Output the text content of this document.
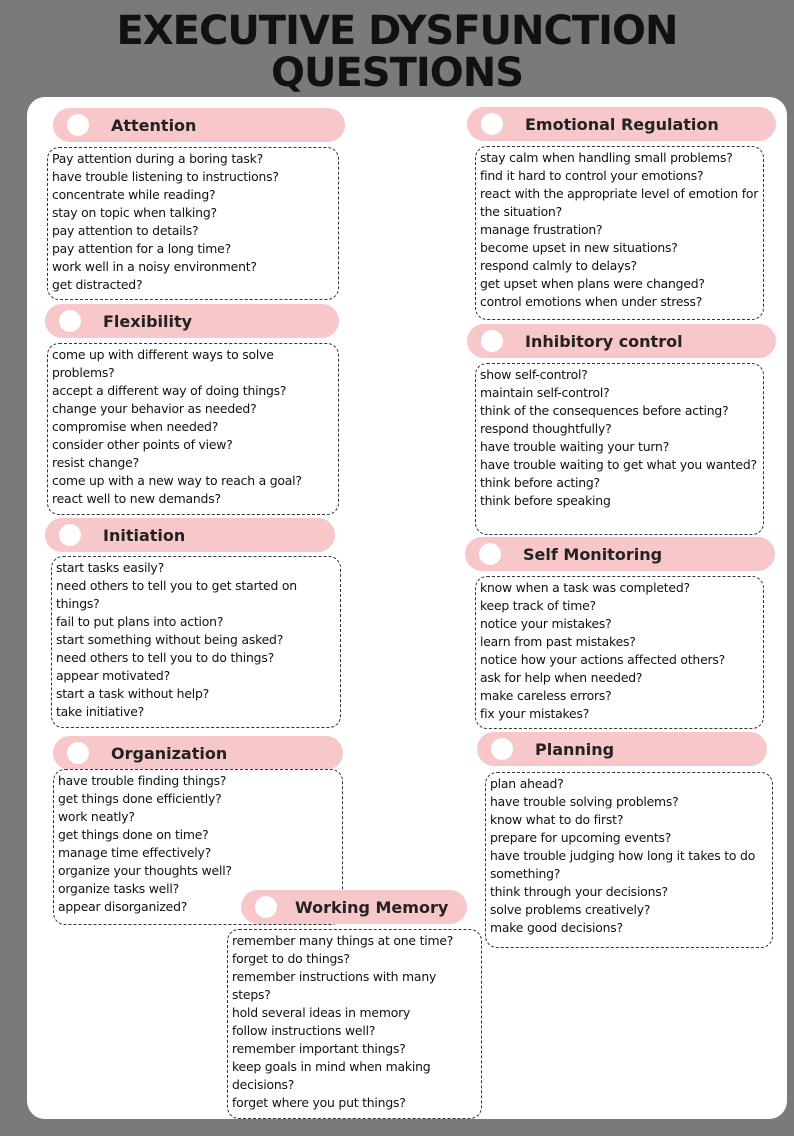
EXECUTIVE DYSFUNCTION
QUESTIONS
Attention
Pay attention during a boring task?
have trouble listening to instructions?
concentrate while reading?
stay on topic when talking?
pay attention to details?
pay attention for a long time?
work well in a noisy environment?
get distracted?
Flexibility
come up with different ways to solve problems?
accept a different way of doing things?
change your behavior as needed?
compromise when needed?
consider other points of view?
resist change?
come up with a new way to reach a goal?
react well to new demands?
Initiation
start tasks easily?
need others to tell you to get started on things?
fail to put plans into action?
start something without being asked?
need others to tell you to do things?
appear motivated?
start a task without help?
take initiative?
Organization
have trouble finding things?
get things done efficiently?
work neatly?
get things done on time?
manage time effectively?
organize your thoughts well?
organize tasks well?
appear disorganized?
Emotional Regulation
stay calm when handling small problems?
find it hard to control your emotions?
react with the appropriate level of emotion for the situation?
manage frustration?
become upset in new situations?
respond calmly to delays?
get upset when plans were changed?
control emotions when under stress?
Inhibitory control
show self-control?
maintain self-control?
think of the consequences before acting?
respond thoughtfully?
have trouble waiting your turn?
have trouble waiting to get what you wanted?
think before acting?
think before speaking
Self Monitoring
know when a task was completed?
keep track of time?
notice your mistakes?
learn from past mistakes?
notice how your actions affected others?
ask for help when needed?
make careless errors?
fix your mistakes?
Planning
plan ahead?
have trouble solving problems?
know what to do first?
prepare for upcoming events?
have trouble judging how long it takes to do something?
think through your decisions?
solve problems creatively?
make good decisions?
Working Memory
remember many things at one time?
forget to do things?
remember instructions with many steps?
hold several ideas in memory
follow instructions well?
remember important things?
keep goals in mind when making decisions?
forget where you put things?
